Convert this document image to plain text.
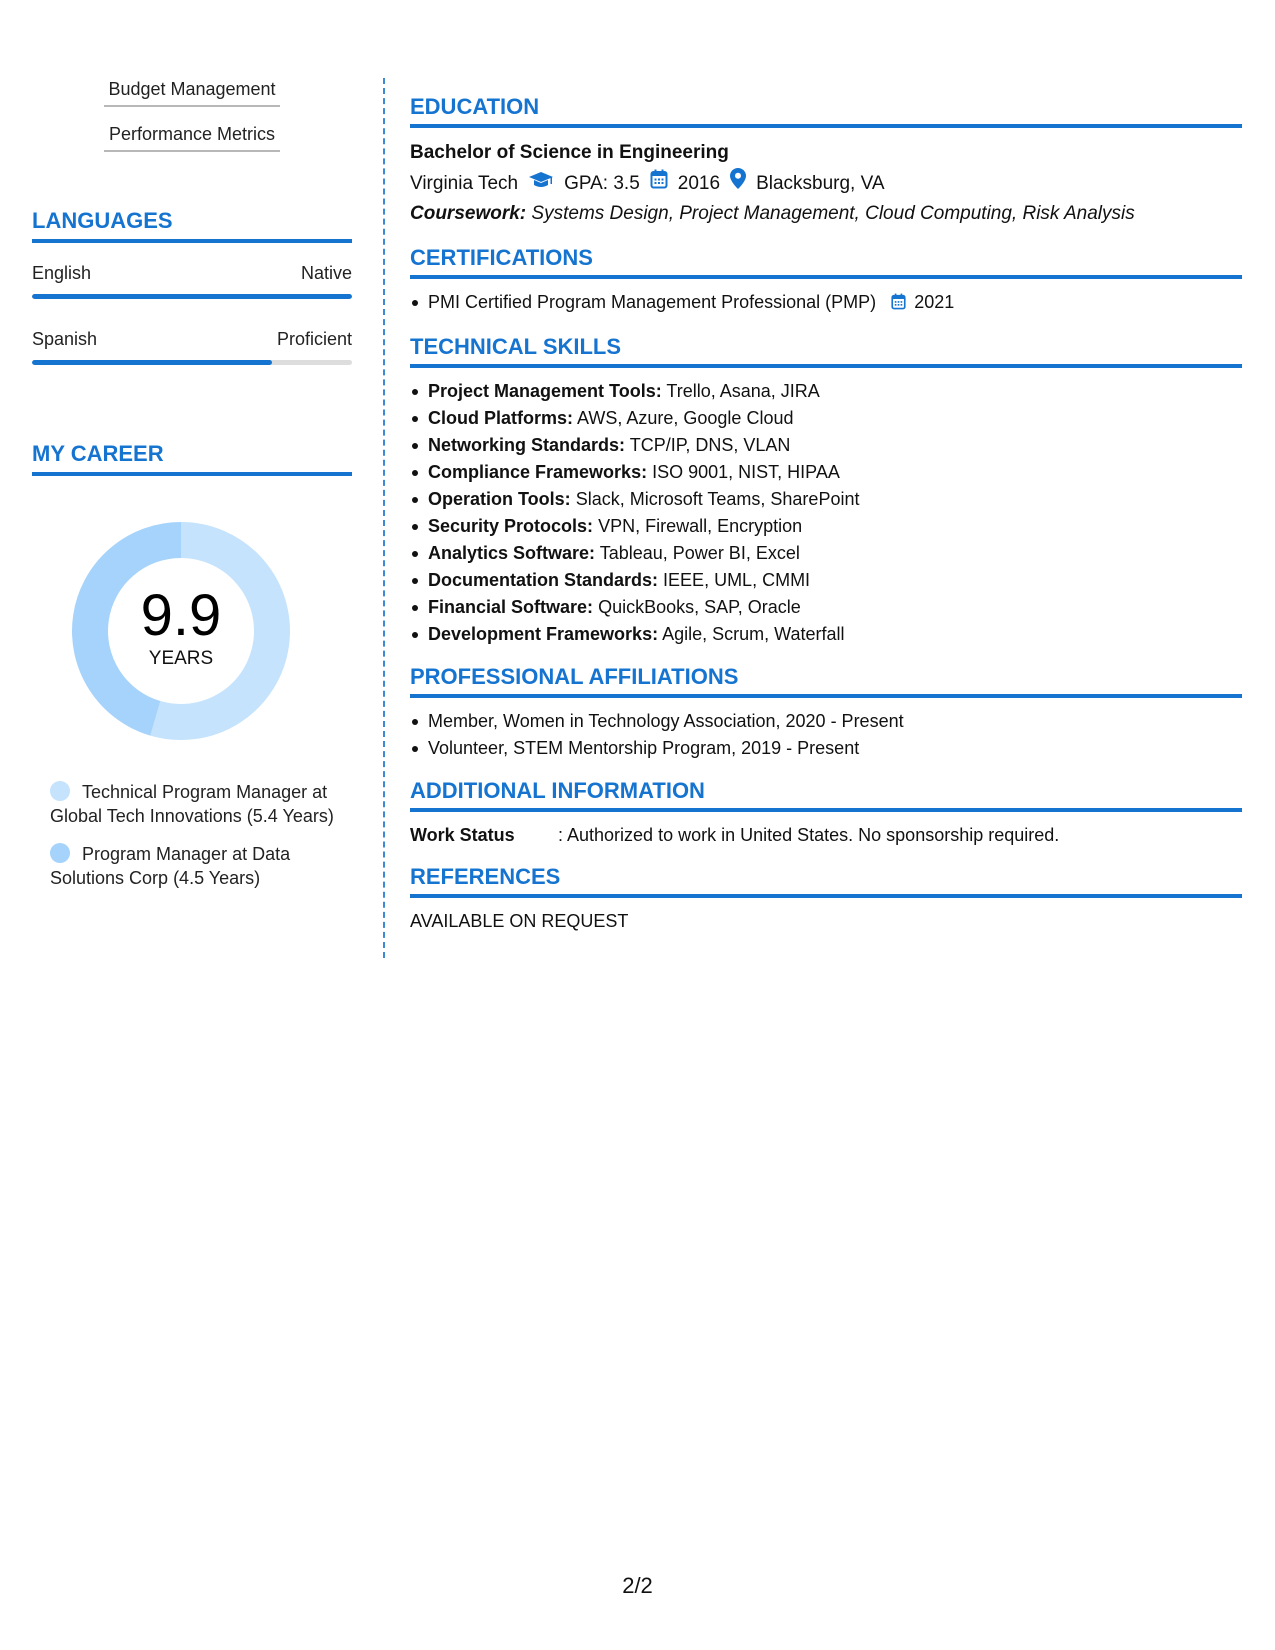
Budget Management
Performance Metrics
LANGUAGES
English	Native
Spanish	Proficient
MY CAREER
9.9
YEARS
Technical Program Manager at Global Tech Innovations (5.4 Years)
Program Manager at Data Solutions Corp (4.5 Years)
EDUCATION
Bachelor of Science in Engineering
Virginia Tech GPA: 3.5 2016 Blacksburg, VA
Coursework: Systems Design, Project Management, Cloud Computing, Risk Analysis
CERTIFICATIONS
PMI Certified Program Management Professional (PMP) 2021
TECHNICAL SKILLS
Project Management Tools: Trello, Asana, JIRA
Cloud Platforms: AWS, Azure, Google Cloud
Networking Standards: TCP/IP, DNS, VLAN
Compliance Frameworks: ISO 9001, NIST, HIPAA
Operation Tools: Slack, Microsoft Teams, SharePoint
Security Protocols: VPN, Firewall, Encryption
Analytics Software: Tableau, Power BI, Excel
Documentation Standards: IEEE, UML, CMMI
Financial Software: QuickBooks, SAP, Oracle
Development Frameworks: Agile, Scrum, Waterfall
PROFESSIONAL AFFILIATIONS
Member, Women in Technology Association, 2020 - Present
Volunteer, STEM Mentorship Program, 2019 - Present
ADDITIONAL INFORMATION
Work Status	: Authorized to work in United States. No sponsorship required.
REFERENCES
AVAILABLE ON REQUEST
2/2
